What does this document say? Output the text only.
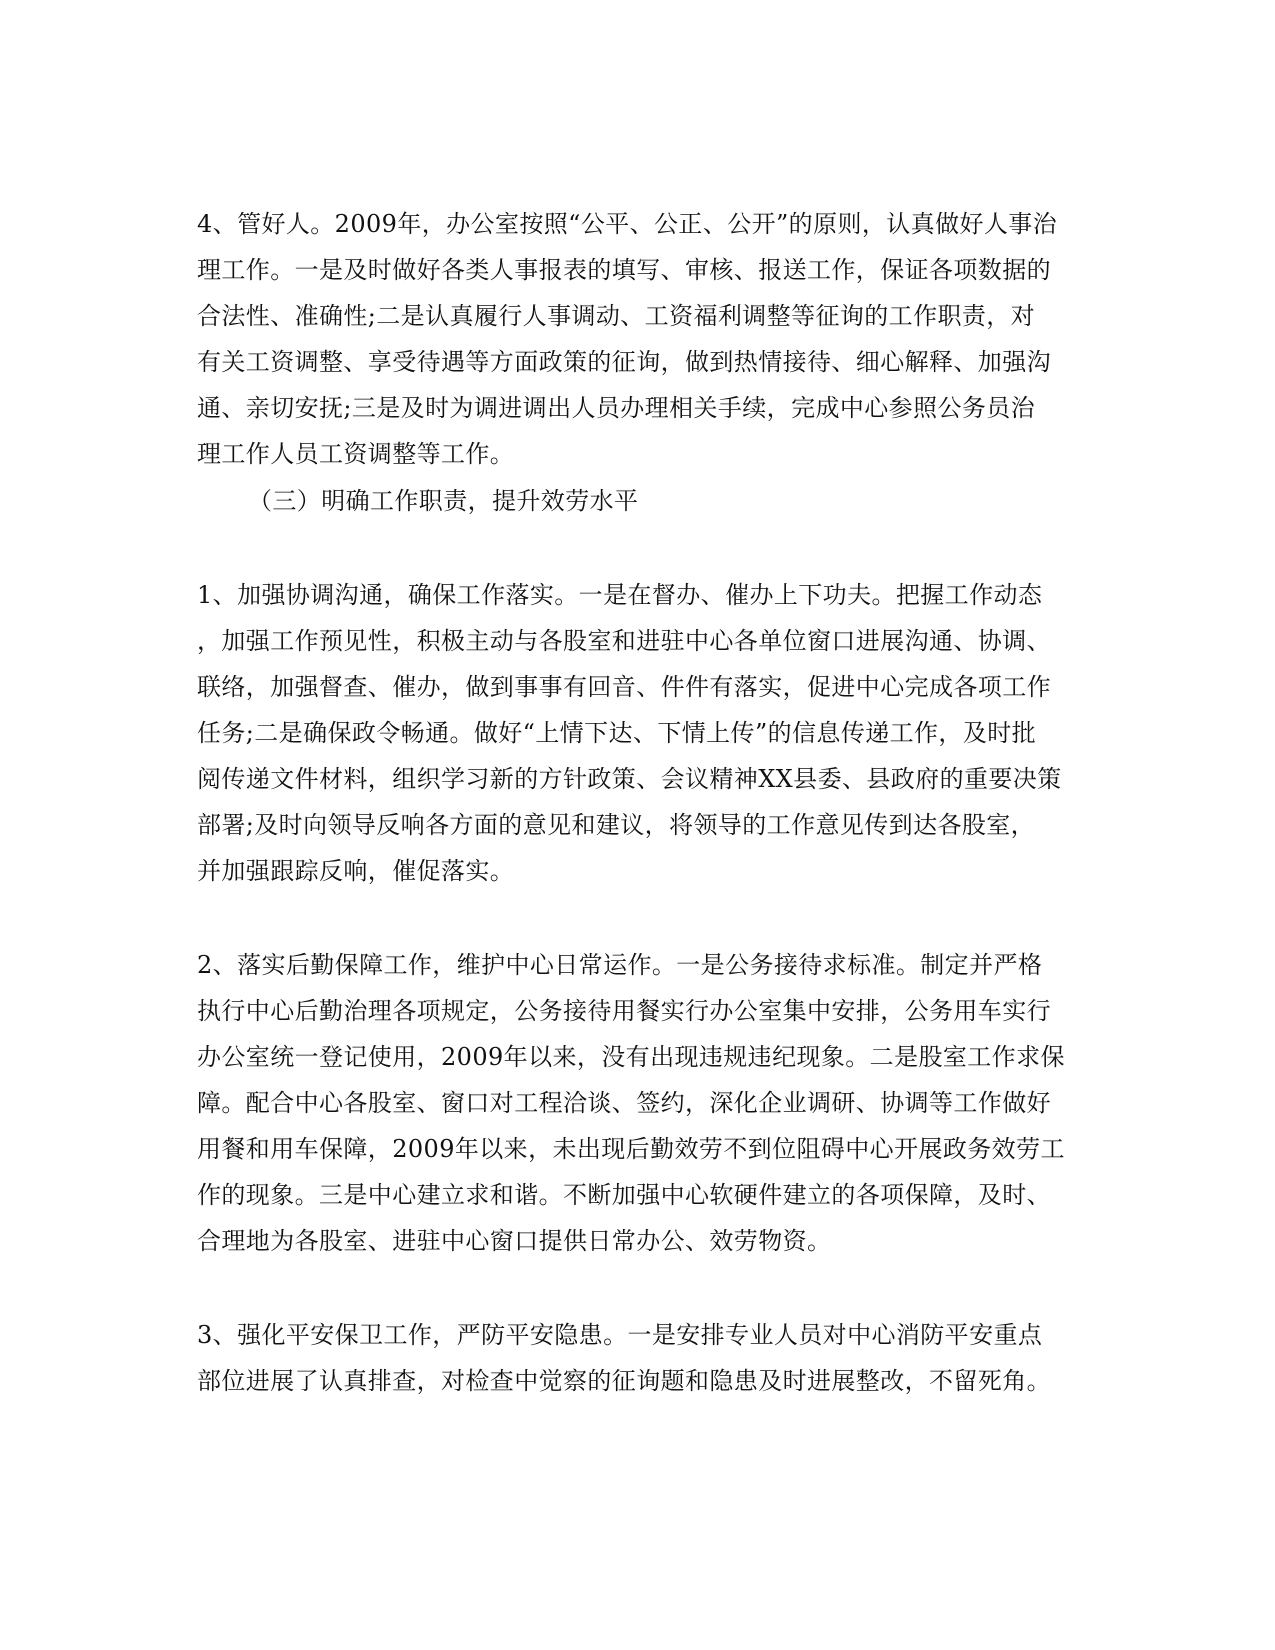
4、管好人。2009年，办公室按照“公平、公正、公开”的原则，认真做好人事治
理工作。一是及时做好各类人事报表的填写、审核、报送工作，保证各项数据的
合法性、准确性;二是认真履行人事调动、工资福利调整等征询的工作职责，对
有关工资调整、享受待遇等方面政策的征询，做到热情接待、细心解释、加强沟
通、亲切安抚;三是及时为调进调出人员办理相关手续，完成中心参照公务员治
理工作人员工资调整等工作。
（三）明确工作职责，提升效劳水平
1、加强协调沟通，确保工作落实。一是在督办、催办上下功夫。把握工作动态
，加强工作预见性，积极主动与各股室和进驻中心各单位窗口进展沟通、协调、
联络，加强督查、催办，做到事事有回音、件件有落实，促进中心完成各项工作
任务;二是确保政令畅通。做好“上情下达、下情上传”的信息传递工作，及时批
阅传递文件材料，组织学习新的方针政策、会议精神XX县委、县政府的重要决策
部署;及时向领导反响各方面的意见和建议，将领导的工作意见传到达各股室，
并加强跟踪反响，催促落实。
2、落实后勤保障工作，维护中心日常运作。一是公务接待求标准。制定并严格
执行中心后勤治理各项规定，公务接待用餐实行办公室集中安排，公务用车实行
办公室统一登记使用，2009年以来，没有出现违规违纪现象。二是股室工作求保
障。配合中心各股室、窗口对工程洽谈、签约，深化企业调研、协调等工作做好
用餐和用车保障，2009年以来，未出现后勤效劳不到位阻碍中心开展政务效劳工
作的现象。三是中心建立求和谐。不断加强中心软硬件建立的各项保障，及时、
合理地为各股室、进驻中心窗口提供日常办公、效劳物资。
3、强化平安保卫工作，严防平安隐患。一是安排专业人员对中心消防平安重点
部位进展了认真排查，对检查中觉察的征询题和隐患及时进展整改，不留死角。
